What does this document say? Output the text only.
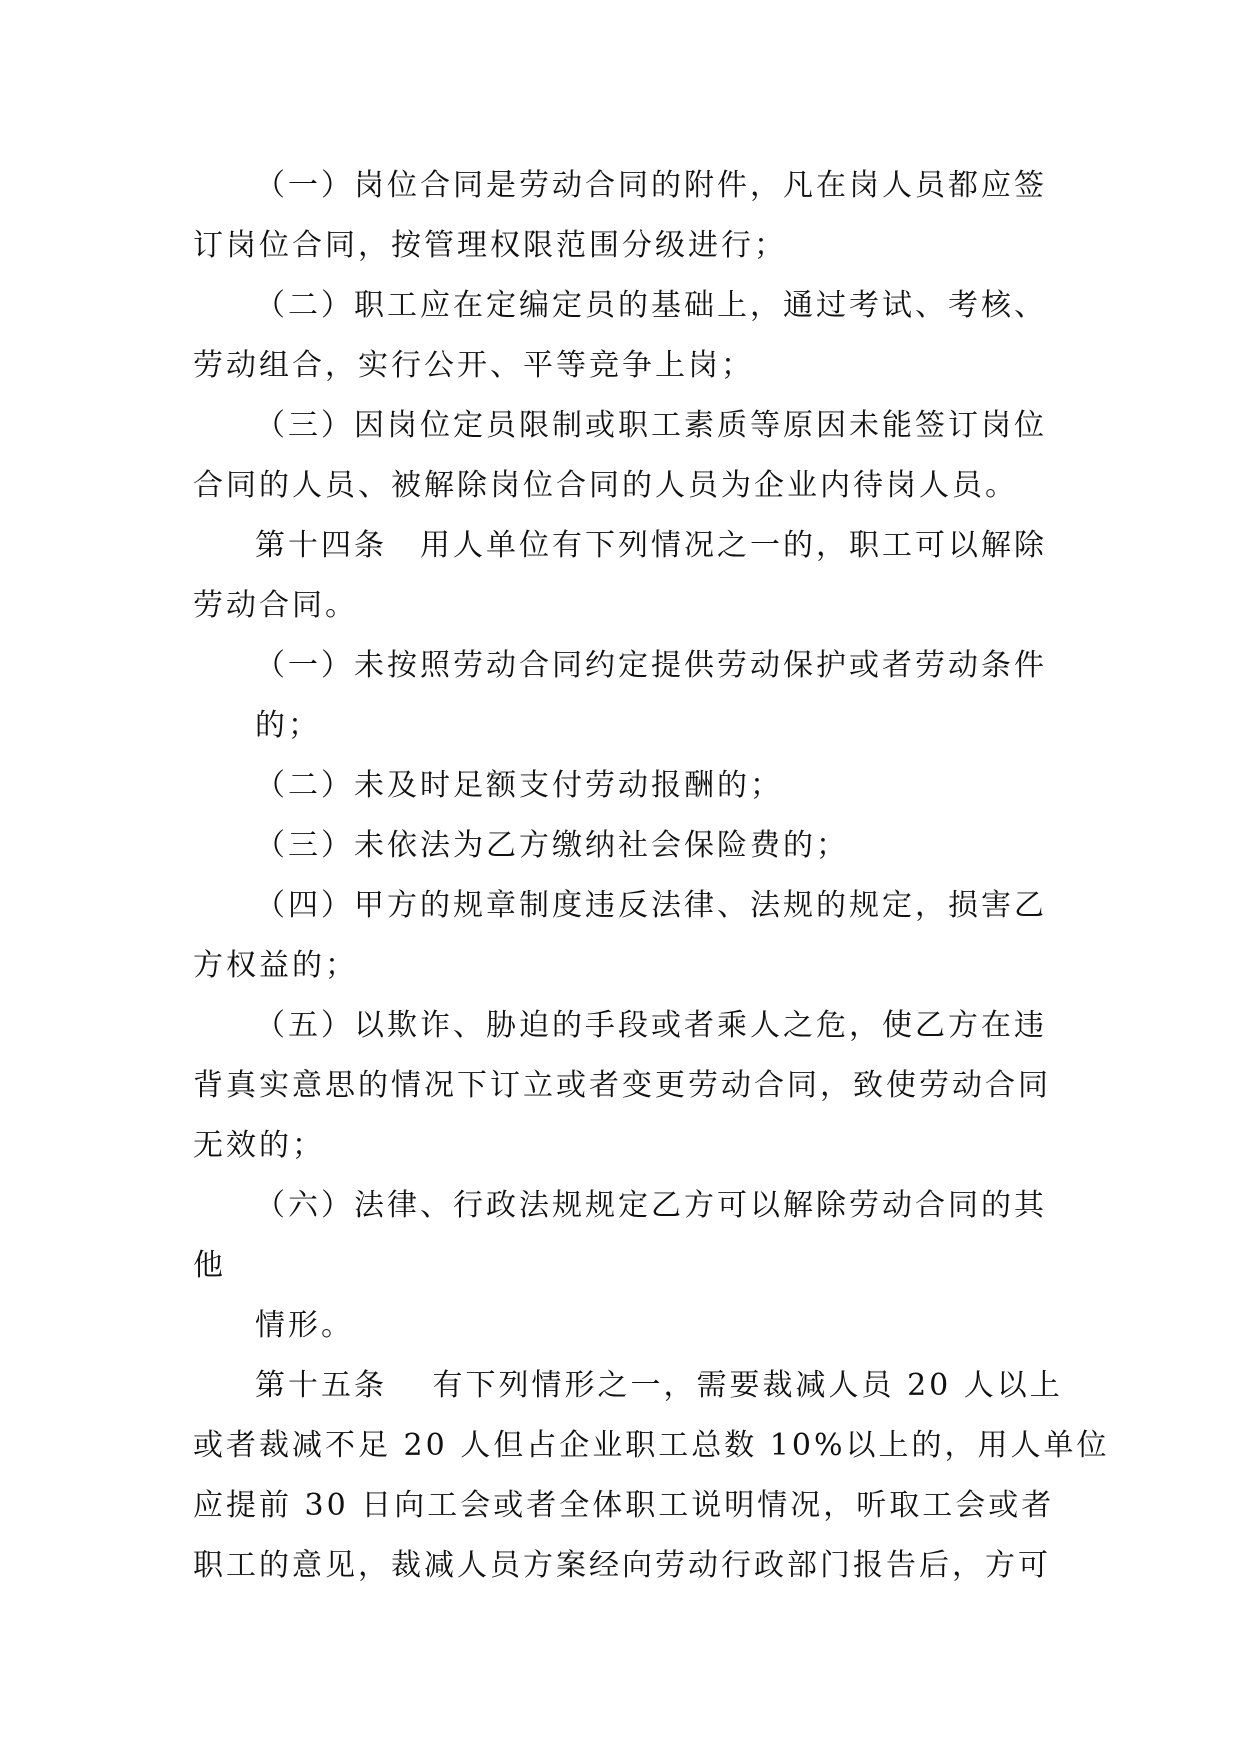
（一）岗位合同是劳动合同的附件，凡在岗人员都应签
订岗位合同，按管理权限范围分级进行；
（二）职工应在定编定员的基础上，通过考试、考核、
劳动组合，实行公开、平等竞争上岗；
（三）因岗位定员限制或职工素质等原因未能签订岗位
合同的人员、被解除岗位合同的人员为企业内待岗人员。
第十四条　用人单位有下列情况之一的，职工可以解除
劳动合同。
（一）未按照劳动合同约定提供劳动保护或者劳动条件
的；
（二）未及时足额支付劳动报酬的；
（三）未依法为乙方缴纳社会保险费的；
（四）甲方的规章制度违反法律、法规的规定，损害乙
方权益的；
（五）以欺诈、胁迫的手段或者乘人之危，使乙方在违
背真实意思的情况下订立或者变更劳动合同，致使劳动合同
无效的；
（六）法律、行政法规规定乙方可以解除劳动合同的其
他
情形。
第十五条　 有下列情形之一，需要裁减人员 20 人以上
或者裁减不足 20 人但占企业职工总数 10%以上的，用人单位
应提前 30 日向工会或者全体职工说明情况，听取工会或者
职工的意见，裁减人员方案经向劳动行政部门报告后，方可
